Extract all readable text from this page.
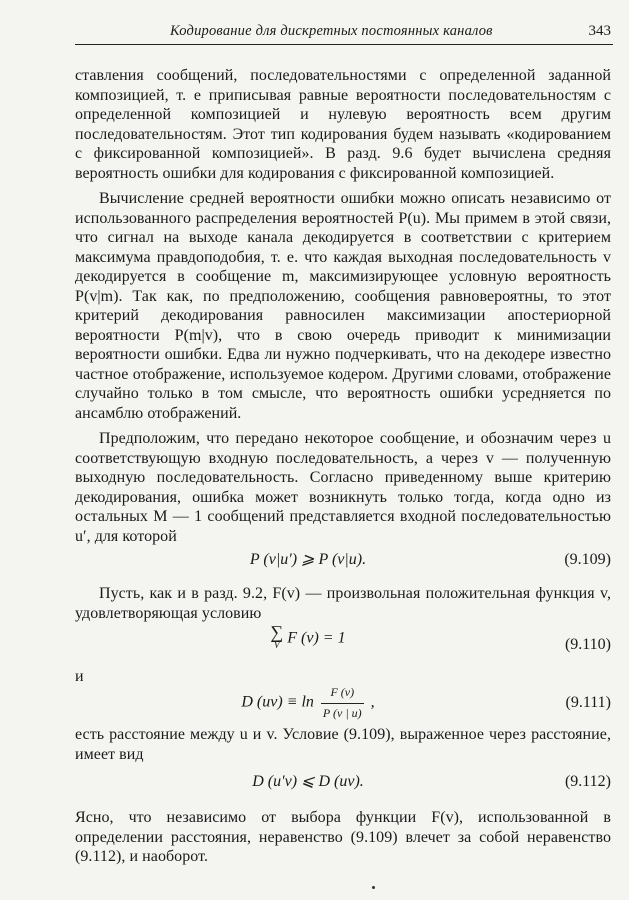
Кодирование для дискретных постоянных каналов	343

ставления сообщений, последовательностями с определенной заданной композицией, т. е приписывая равные вероятности последовательностям с определенной композицией и нулевую вероятность всем другим последовательностям. Этот тип кодирования будем называть «кодированием с фиксированной композицией». В разд. 9.6 будет вычислена средняя вероятность ошибки для кодирования с фиксированной композицией.

Вычисление средней вероятности ошибки можно описать независимо от использованного распределения вероятностей P(u). Мы примем в этой связи, что сигнал на выходе канала декодируется в соответствии с критерием максимума правдоподобия, т. е. что каждая выходная последовательность v декодируется в сообщение m, максимизирующее условную вероятность P(v|m). Так как, по предположению, сообщения равновероятны, то этот критерий декодирования равносилен максимизации апостериорной вероятности P(m|v), что в свою очередь приводит к минимизации вероятности ошибки. Едва ли нужно подчеркивать, что на декодере известно частное отображение, используемое кодером. Другими словами, отображение случайно только в том смысле, что вероятность ошибки усредняется по ансамблю отображений.

Предположим, что передано некоторое сообщение, и обозначим через u соответствующую входную последовательность, а через v — полученную выходную последовательность. Согласно приведенному выше критерию декодирования, ошибка может возникнуть только тогда, когда одно из остальных M — 1 сообщений представляется входной последовательностью u′, для которой

P (v|u′) ⩾ P (v|u).	(9.109)

Пусть, как и в разд. 9.2, F(v) — произвольная положительная функция v, удовлетворяющая условию

∑
V F (v) = 1	(9.110)

и

D $(uv) \equiv \ln \frac{F (v)}{P (v | u)}$ ,	(9.111)

есть расстояние между u и v. Условие (9.109), выраженное через расстояние, имеет вид

D (u′v) ⩽ D (uv).	(9.112)

Ясно, что независимо от выбора функции F(v), использованной в определении расстояния, неравенство (9.109) влечет за собой неравенство (9.112), и наоборот.
